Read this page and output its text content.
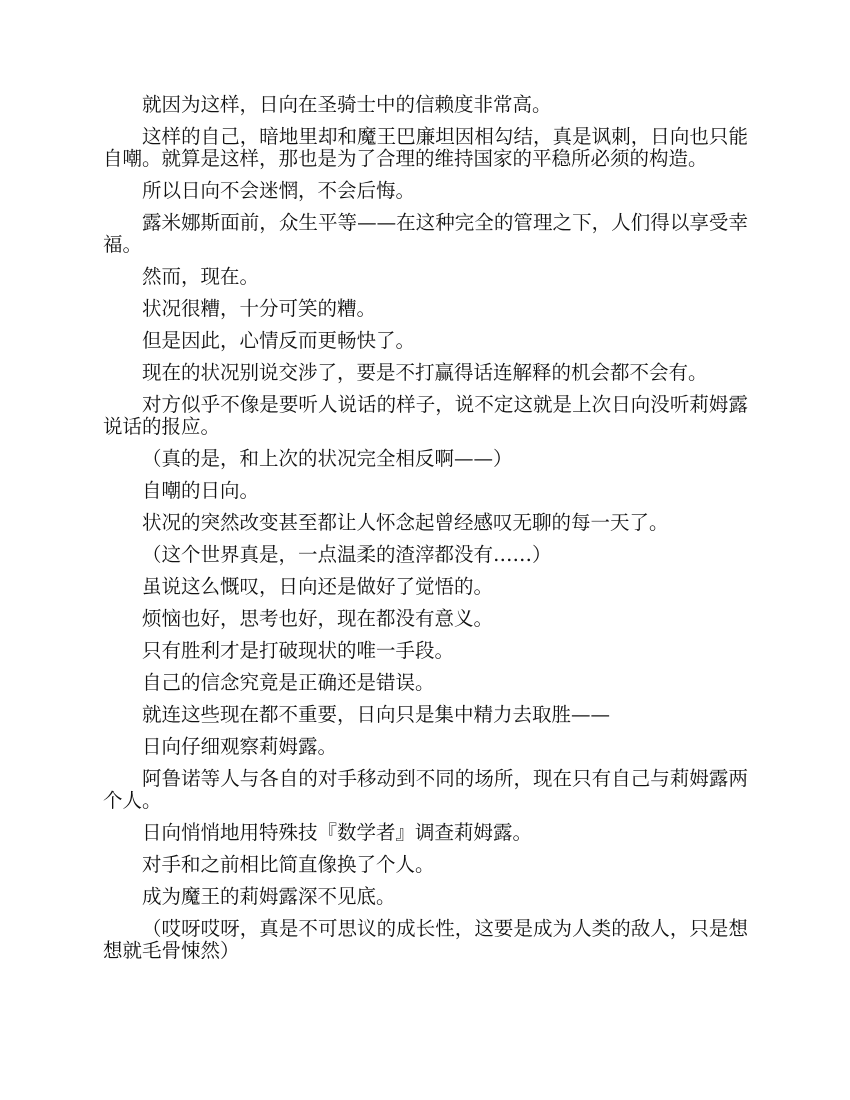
就因为这样，日向在圣骑士中的信赖度非常高。

这样的自己，暗地里却和魔王巴廉坦因相勾结，真是讽刺，日向也只能自嘲。就算是这样，那也是为了合理的维持国家的平稳所必须的构造。

所以日向不会迷惘，不会后悔。

露米娜斯面前，众生平等——在这种完全的管理之下，人们得以享受幸福。

然而，现在。

状况很糟，十分可笑的糟。

但是因此，心情反而更畅快了。

现在的状况别说交涉了，要是不打赢得话连解释的机会都不会有。

对方似乎不像是要听人说话的样子，说不定这就是上次日向没听莉姆露说话的报应。

（真的是，和上次的状况完全相反啊——）

自嘲的日向。

状况的突然改变甚至都让人怀念起曾经感叹无聊的每一天了。

（这个世界真是，一点温柔的渣滓都没有……）

虽说这么慨叹，日向还是做好了觉悟的。

烦恼也好，思考也好，现在都没有意义。

只有胜利才是打破现状的唯一手段。

自己的信念究竟是正确还是错误。

就连这些现在都不重要，日向只是集中精力去取胜——

日向仔细观察莉姆露。

阿鲁诺等人与各自的对手移动到不同的场所，现在只有自己与莉姆露两个人。

日向悄悄地用特殊技『数学者』调查莉姆露。

对手和之前相比简直像换了个人。

成为魔王的莉姆露深不见底。

（哎呀哎呀，真是不可思议的成长性，这要是成为人类的敌人，只是想想就毛骨悚然）
